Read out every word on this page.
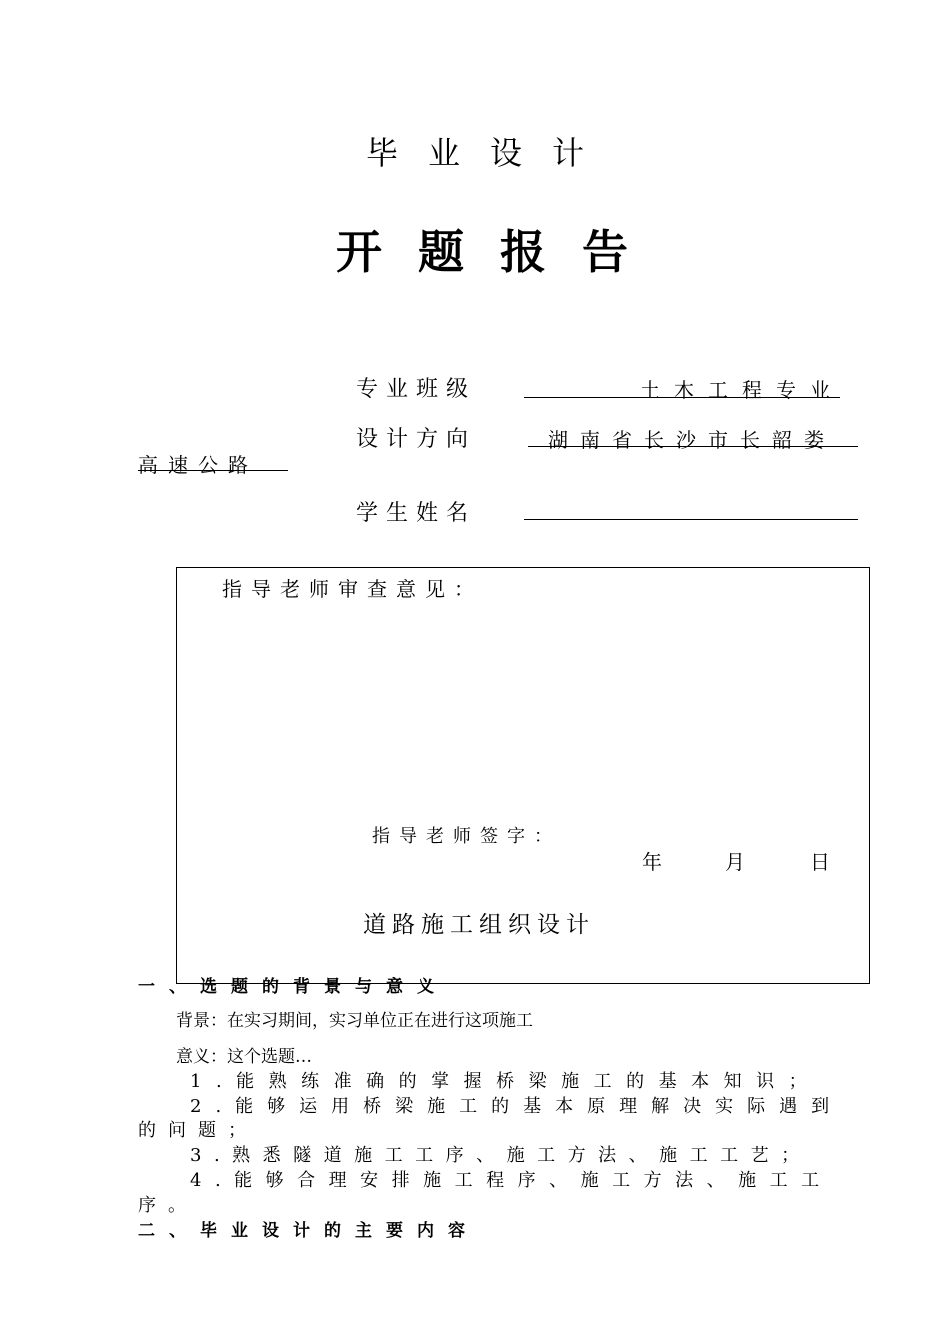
毕业设计
开题报告
专业班级	土木工程专业
设计方向	湖南省长沙市长韶娄
高速公路
学生姓名
指导老师审查意见：
指导老师签字：
年	月	日
道路施工组织设计
一、选题的背景与意义
背景：在实习期间，实习单位正在进行这项施工
意义：这个选题…
1.能熟练准确的掌握桥梁施工的基本知识；
2.能够运用桥梁施工的基本原理解决实际遇到
的问题；
3.熟悉隧道施工工序、施工方法、施工工艺；
4.能够合理安排施工程序、施工方法、施工工
序。
二、毕业设计的主要内容
